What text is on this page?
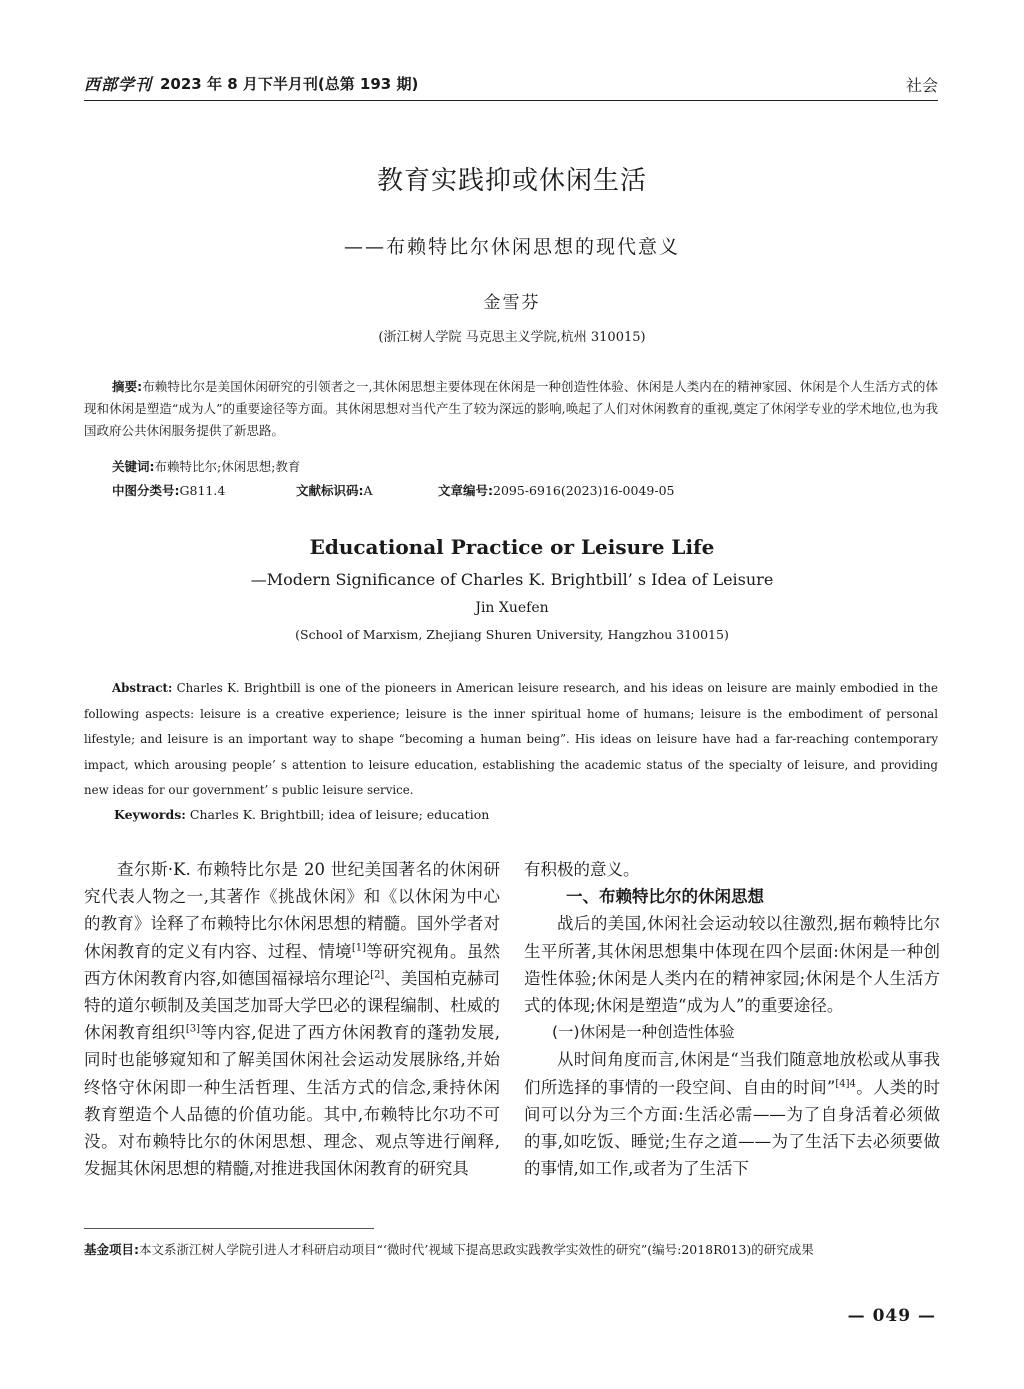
西部学刊 2023 年 8 月下半月刊(总第 193 期)	社会
教育实践抑或休闲生活
——布赖特比尔休闲思想的现代意义
金雪芬
(浙江树人学院 马克思主义学院,杭州 310015)
摘要:布赖特比尔是美国休闲研究的引领者之一,其休闲思想主要体现在休闲是一种创造性体验、休闲是人类内在的精神家园、休闲是个人生活方式的体现和休闲是塑造“成为人”的重要途径等方面。其休闲思想对当代产生了较为深远的影响,唤起了人们对休闲教育的重视,奠定了休闲学专业的学术地位,也为我国政府公共休闲服务提供了新思路。
关键词:布赖特比尔;休闲思想;教育
中图分类号:G811.4	文献标识码:A	文章编号:2095-6916(2023)16-0049-05
Educational Practice or Leisure Life
—Modern Significance of Charles K. Brightbill’ s Idea of Leisure
Jin Xuefen
(School of Marxism, Zhejiang Shuren University, Hangzhou 310015)
Abstract: Charles K. Brightbill is one of the pioneers in American leisure research, and his ideas on leisure are mainly embodied in the following aspects: leisure is a creative experience; leisure is the inner spiritual home of humans; leisure is the embodiment of personal lifestyle; and leisure is an important way to shape “becoming a human being”. His ideas on leisure have had a far-reaching contemporary impact, which arousing people’ s attention to leisure education, establishing the academic status of the specialty of leisure, and providing new ideas for our government’ s public leisure service.
Keywords: Charles K. Brightbill; idea of leisure; education

查尔斯·K. 布赖特比尔是 20 世纪美国著名的休闲研究代表人物之一,其著作《挑战休闲》和《以休闲为中心的教育》诠释了布赖特比尔休闲思想的精髓。国外学者对休闲教育的定义有内容、过程、情境[1]等研究视角。虽然西方休闲教育内容,如德国福禄培尔理论[2]、美国柏克赫司特的道尔顿制及美国芝加哥大学巴必的课程编制、杜威的休闲教育组织[3]等内容,促进了西方休闲教育的蓬勃发展,同时也能够窥知和了解美国休闲社会运动发展脉络,并始终恪守休闲即一种生活哲理、生活方式的信念,秉持休闲教育塑造个人品德的价值功能。其中,布赖特比尔功不可没。对布赖特比尔的休闲思想、理念、观点等进行阐释,发掘其休闲思想的精髓,对推进我国休闲教育的研究具

有积极的意义。

一、布赖特比尔的休闲思想

战后的美国,休闲社会运动较以往激烈,据布赖特比尔生平所著,其休闲思想集中体现在四个层面:休闲是一种创造性体验;休闲是人类内在的精神家园;休闲是个人生活方式的体现;休闲是塑造“成为人”的重要途径。

(一)休闲是一种创造性体验

从时间角度而言,休闲是“当我们随意地放松或从事我们所选择的事情的一段空间、自由的时间”$^{[4]4}$。人类的时间可以分为三个方面:生活必需——为了自身活着必须做的事,如吃饭、睡觉;生存之道——为了生活下去必须要做的事情,如工作,或者为了生活下

基金项目:本文系浙江树人学院引进人才科研启动项目“‘微时代’视域下提高思政实践教学实效性的研究”(编号:2018R013)的研究成果
— 049 —
